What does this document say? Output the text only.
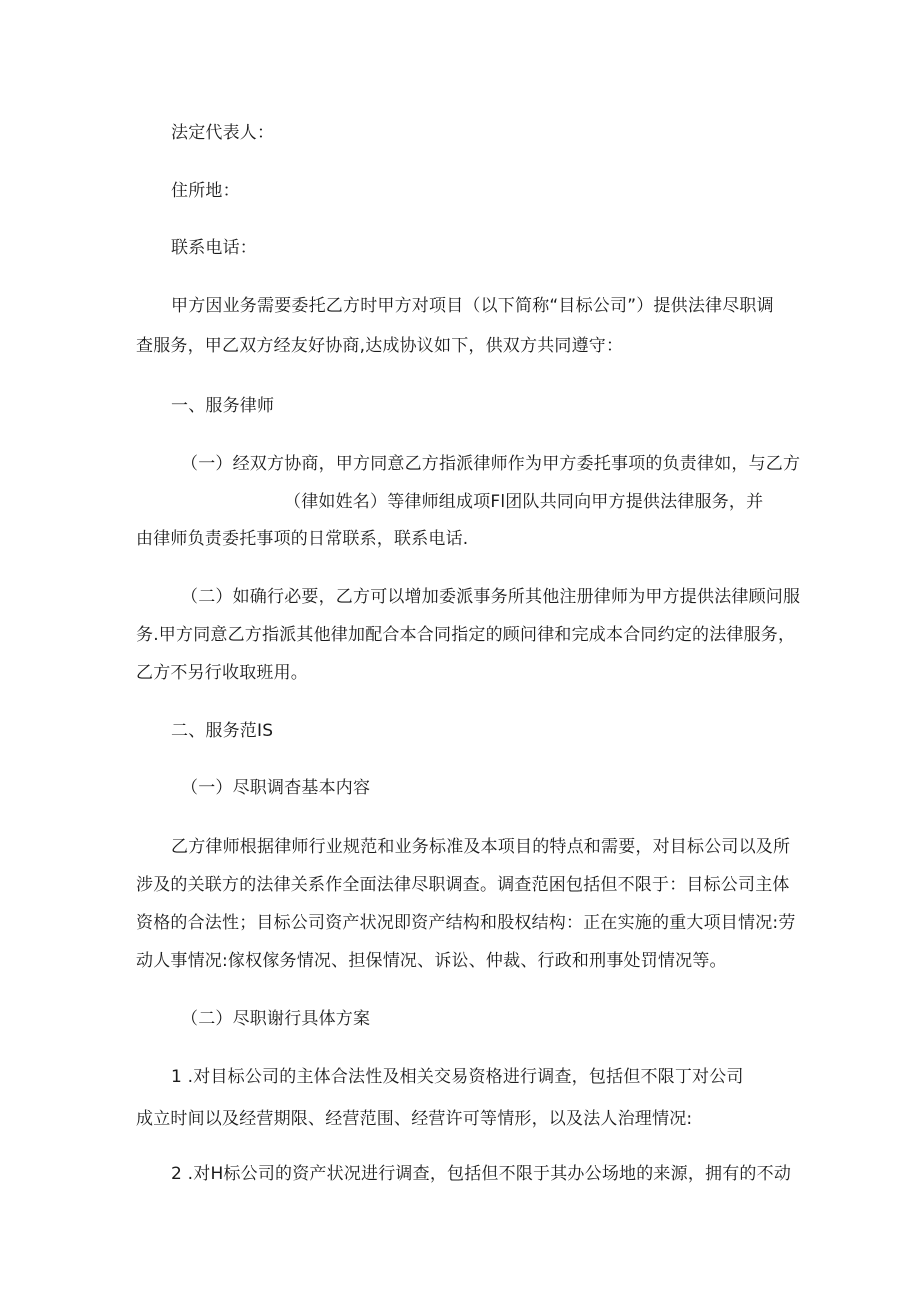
法定代表人：
住所地：
联系电话：
甲方因业务需要委托乙方时甲方对项目（以下简称“目标公司”）提供法律尽职调
查服务，甲乙双方经友好协商,达成协议如下，供双方共同遵守：
一、服务律师
（一）经双方协商，甲方同意乙方指派律师作为甲方委托事项的负责律如，与乙方
（律如姓名）等律师组成项Fl团队共同向甲方提供法律服务，并
由律师负责委托事项的日常联系，联系电话.
（二）如确行必要，乙方可以增加委派事务所其他注册律师为甲方提供法律顾问服
务.甲方同意乙方指派其他律加配合本合同指定的顾问律和完成本合同约定的法律服务，
乙方不另行收取班用。
二、服务范IS
（一）尽职调杳基本内容
乙方律师根据律师行业规范和业务标准及本项目的特点和需要，对目标公司以及所
涉及的关联方的法律关系作全面法律尽职调查。调查范困包括但不限于：目标公司主体
资格的合法性；目标公司资产状况即资产结构和股权结构：正在实施的重大项目情况:劳
动人事情况:傢权傢务情况、担保情况、诉讼、仲裁、行政和刑事处罚情况等。
（二）尽职谢行具体方案
1 .对目标公司的主体合法性及相关交易资格进行调查，包括但不限丁对公司
成立时间以及经营期限、经营范围、经营许可等情形，以及法人治理情况:
2 .对H标公司的资产状况进行调查，包括但不限于其办公场地的来源，拥有的不动
